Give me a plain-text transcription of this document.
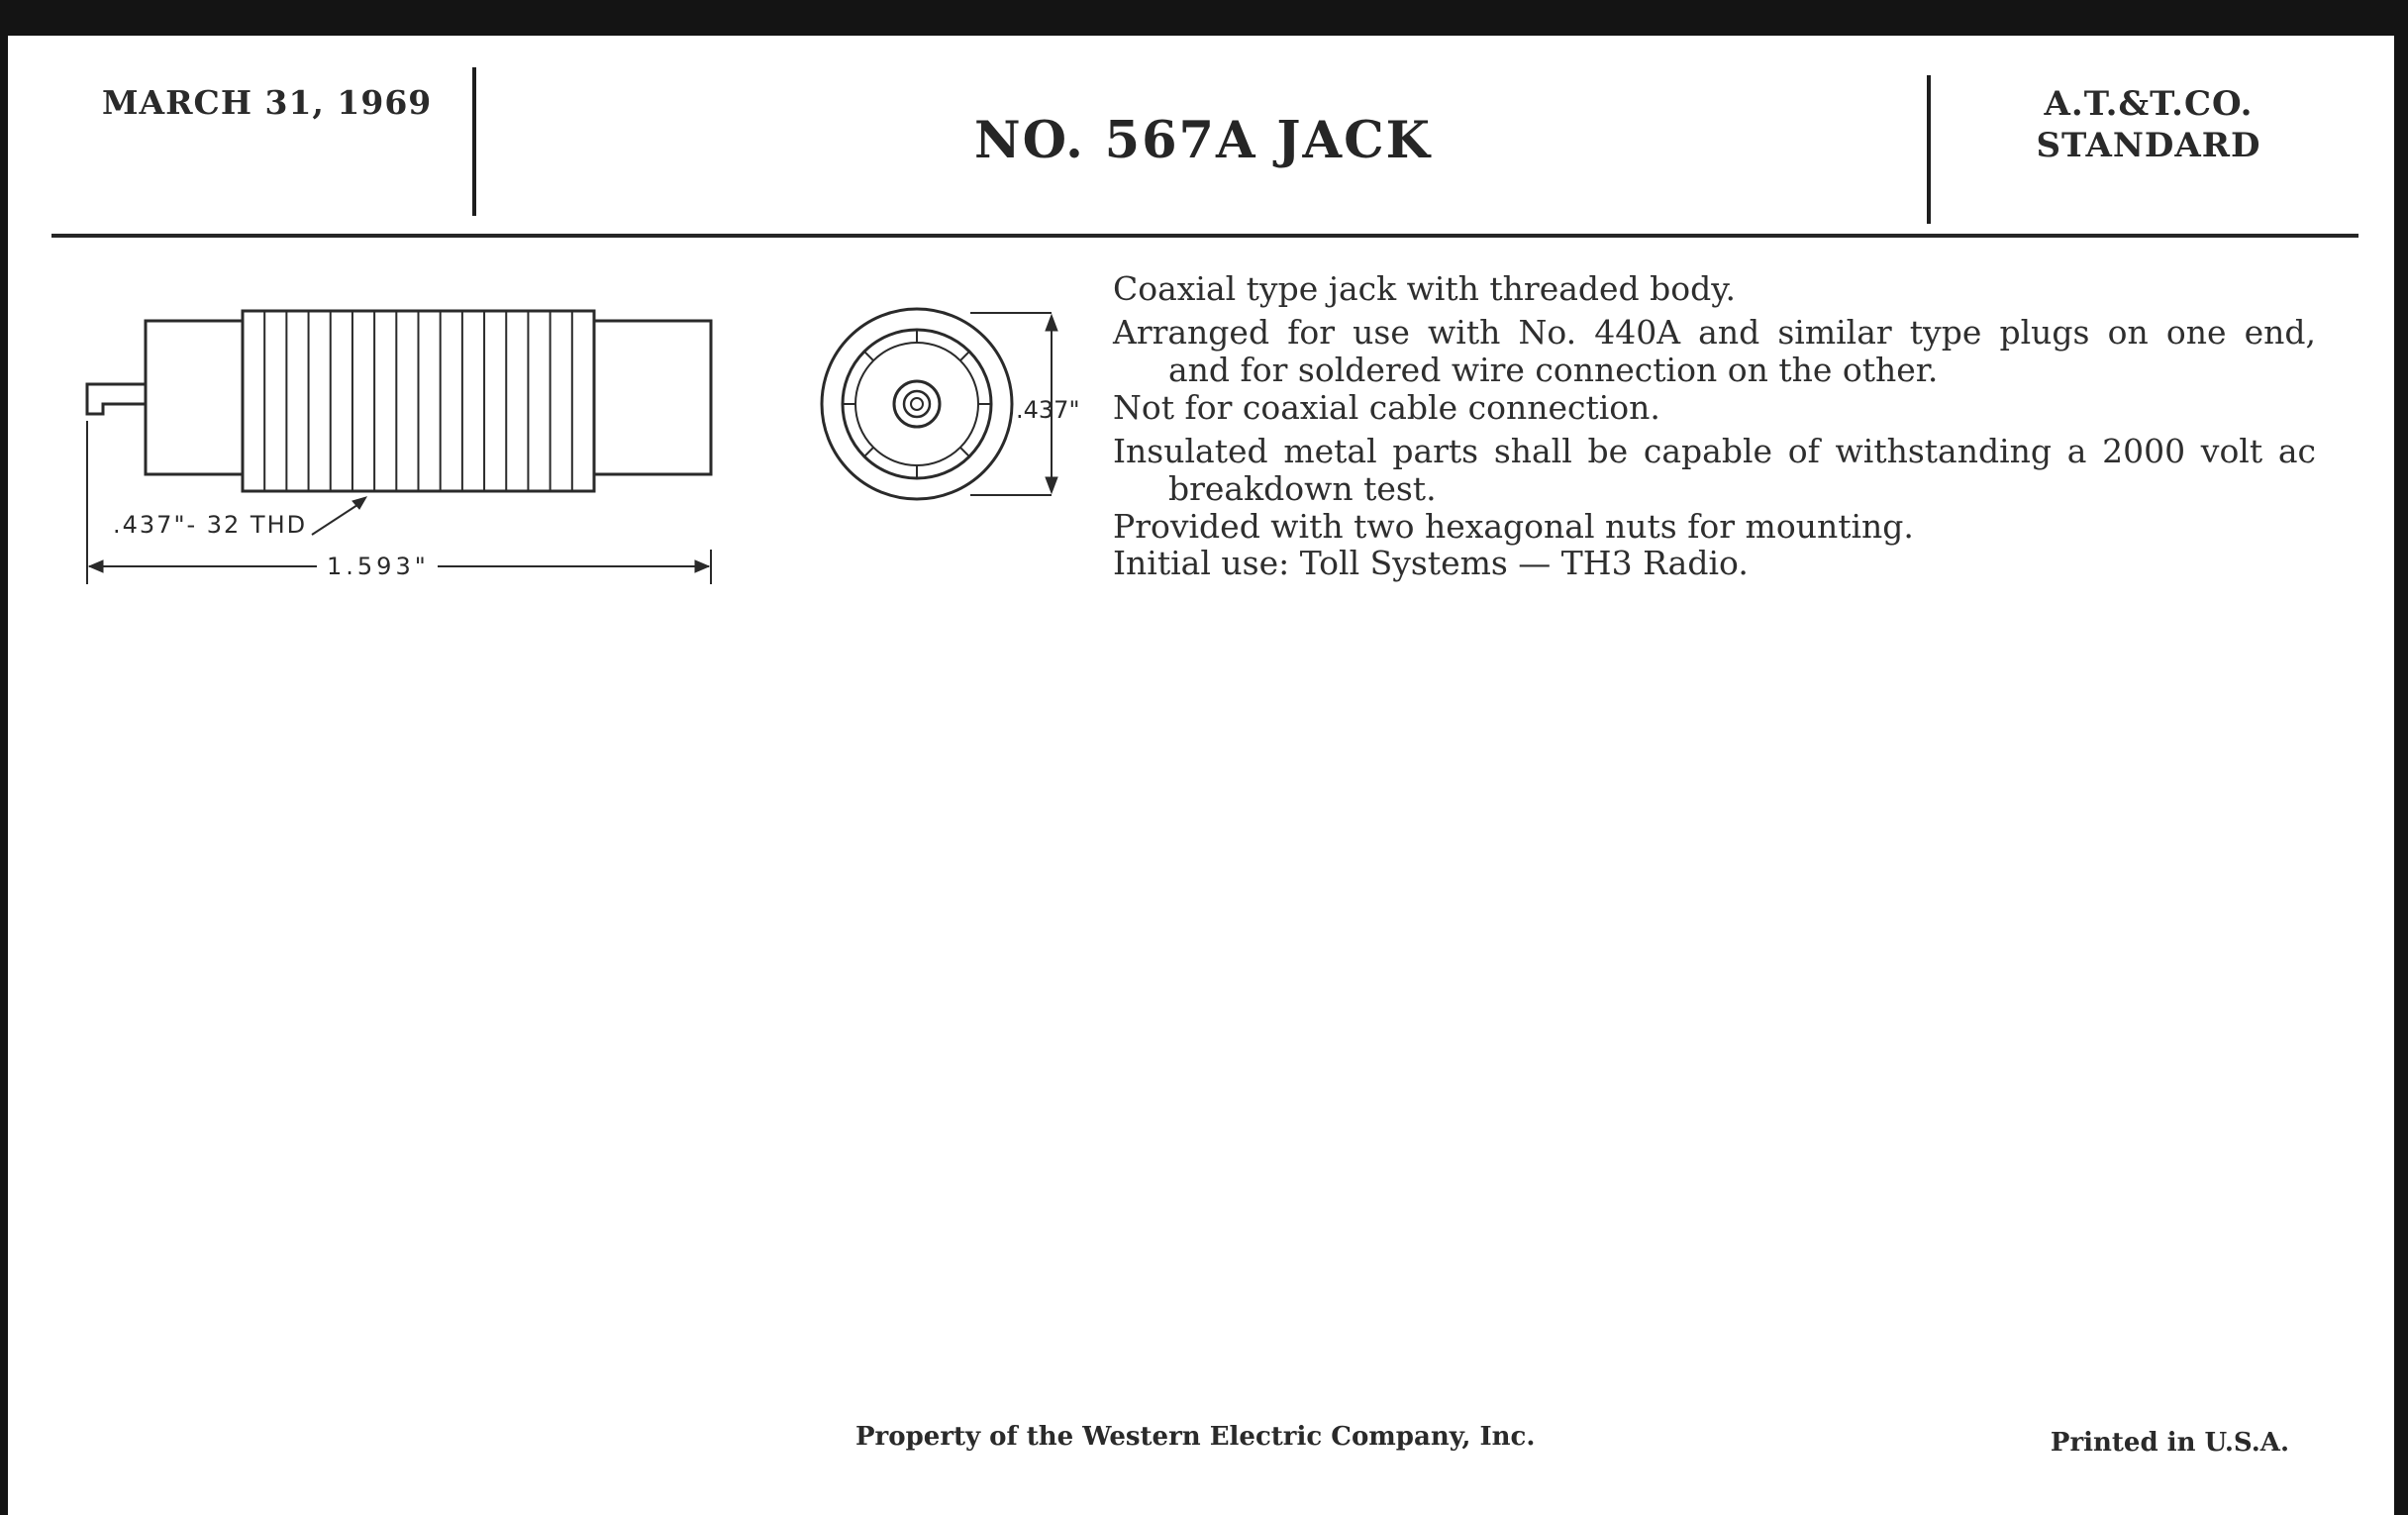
MARCH 31, 1969
NO. 567A JACK
A.T.&T.CO.
STANDARD
.437"- 32 THD
1.593"
.437"

Coaxial type jack with threaded body.

Arranged for use with No. 440A and similar type plugs on one end,

and for soldered wire connection on the other.

Not for coaxial cable connection.

Insulated metal parts shall be capable of withstanding a 2000 volt ac

breakdown test.

Provided with two hexagonal nuts for mounting.

Initial use: Toll Systems — TH3 Radio.

Property of the Western Electric Company, Inc.	Printed in U.S.A.
